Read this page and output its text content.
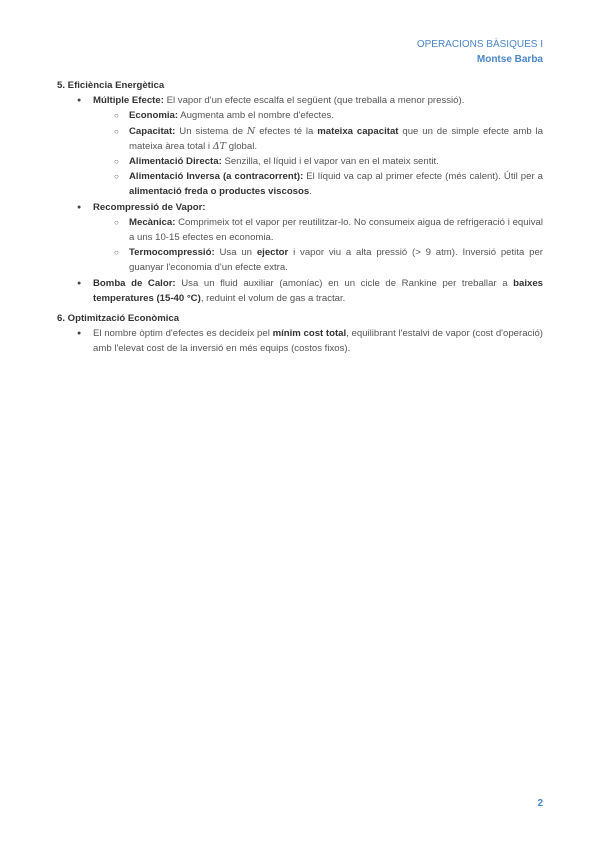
OPERACIONS BÀSIQUES I
Montse Barba

5. Eficiència Energètica

● Múltiple Efecte: El vapor d'un efecte escalfa el següent (que treballa a menor pressió).
○ Economia: Augmenta amb el nombre d'efectes.
○ Capacitat: Un sistema de N efectes té la mateixa capacitat que un de simple efecte amb la mateixa àrea total i ΔT global.
○ Alimentació Directa: Senzilla, el líquid i el vapor van en el mateix sentit.
○ Alimentació Inversa (a contracorrent): El líquid va cap al primer efecte (més calent). Útil per a alimentació freda o productes viscosos.
● Recompressió de Vapor:
○ Mecànica: Comprimeix tot el vapor per reutilitzar-lo. No consumeix aigua de refrigeració i equival a uns 10-15 efectes en economia.
○ Termocompressió: Usa un ejector i vapor viu a alta pressió (> 9 atm). Inversió petita per guanyar l'economia d'un efecte extra.
● Bomba de Calor: Usa un fluid auxiliar (amoníac) en un cicle de Rankine per treballar a baixes temperatures (15-40 °C), reduint el volum de gas a tractar.

6. Optimització Econòmica

● El nombre òptim d'efectes es decideix pel mínim cost total, equilibrant l'estalvi de vapor (cost d'operació) amb l'elevat cost de la inversió en més equips (costos fixos).
2
